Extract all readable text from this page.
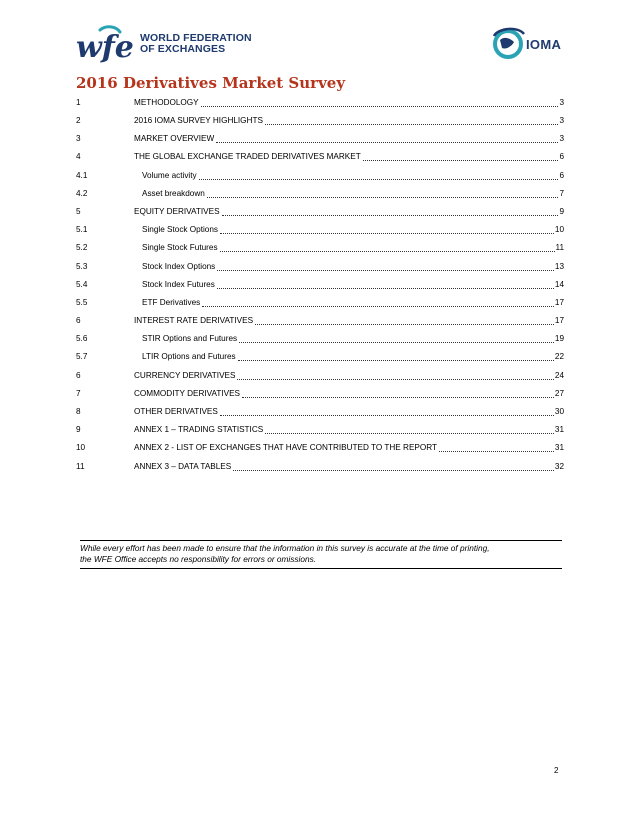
wfe WORLD FEDERATION
OF EXCHANGES	IOMA
2016 Derivatives Market Survey
1	METHODOLOGY	3
2	2016 IOMA SURVEY HIGHLIGHTS	3
3	MARKET OVERVIEW	3
4	THE GLOBAL EXCHANGE TRADED DERIVATIVES MARKET	6
4.1	Volume activity	6
4.2	Asset breakdown	7
5	EQUITY DERIVATIVES	9
5.1	Single Stock Options	10
5.2	Single Stock Futures	11
5.3	Stock Index Options	13
5.4	Stock Index Futures	14
5.5	ETF Derivatives	17
6	INTEREST RATE DERIVATIVES	17
5.6	STIR Options and Futures	19
5.7	LTIR Options and Futures	22
6	CURRENCY DERIVATIVES	24
7	COMMODITY DERIVATIVES	27
8	OTHER DERIVATIVES	30
9	ANNEX 1 – TRADING STATISTICS	31
10	ANNEX 2 - LIST OF EXCHANGES THAT HAVE CONTRIBUTED TO THE REPORT	31
11	ANNEX 3 – DATA TABLES	32
While every effort has been made to ensure that the information in this survey is accurate at the time of printing,
the WFE Office accepts no responsibility for errors or omissions.
2
